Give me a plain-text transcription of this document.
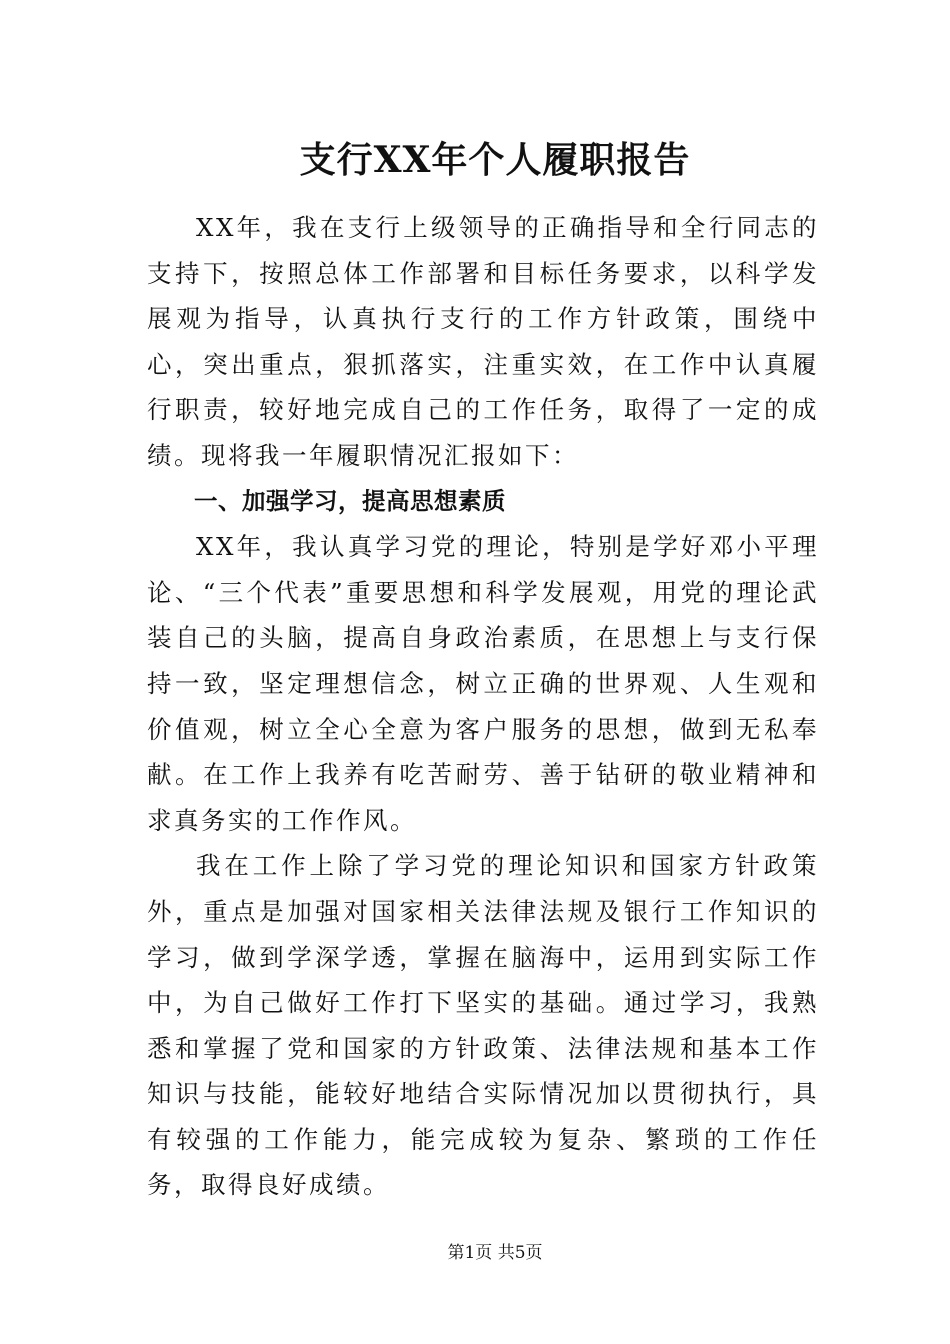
支行XX年个人履职报告

XX年，我在支行上级领导的正确指导和全行同志的支持下，按照总体工作部署和目标任务要求，以科学发展观为指导，认真执行支行的工作方针政策，围绕中心，突出重点，狠抓落实，注重实效，在工作中认真履行职责，较好地完成自己的工作任务，取得了一定的成绩。现将我一年履职情况汇报如下：

一、加强学习，提高思想素质

XX年，我认真学习党的理论，特别是学好邓小平理论、“三个代表”重要思想和科学发展观，用党的理论武装自己的头脑，提高自身政治素质，在思想上与支行保持一致，坚定理想信念，树立正确的世界观、人生观和价值观，树立全心全意为客户服务的思想，做到无私奉献。在工作上我养有吃苦耐劳、善于钻研的敬业精神和求真务实的工作作风。

我在工作上除了学习党的理论知识和国家方针政策外，重点是加强对国家相关法律法规及银行工作知识的学习，做到学深学透，掌握在脑海中，运用到实际工作中，为自己做好工作打下坚实的基础。通过学习，我熟悉和掌握了党和国家的方针政策、法律法规和基本工作知识与技能，能较好地结合实际情况加以贯彻执行，具有较强的工作能力，能完成较为复杂、繁琐的工作任务，取得良好成绩。

第1页 共5页
